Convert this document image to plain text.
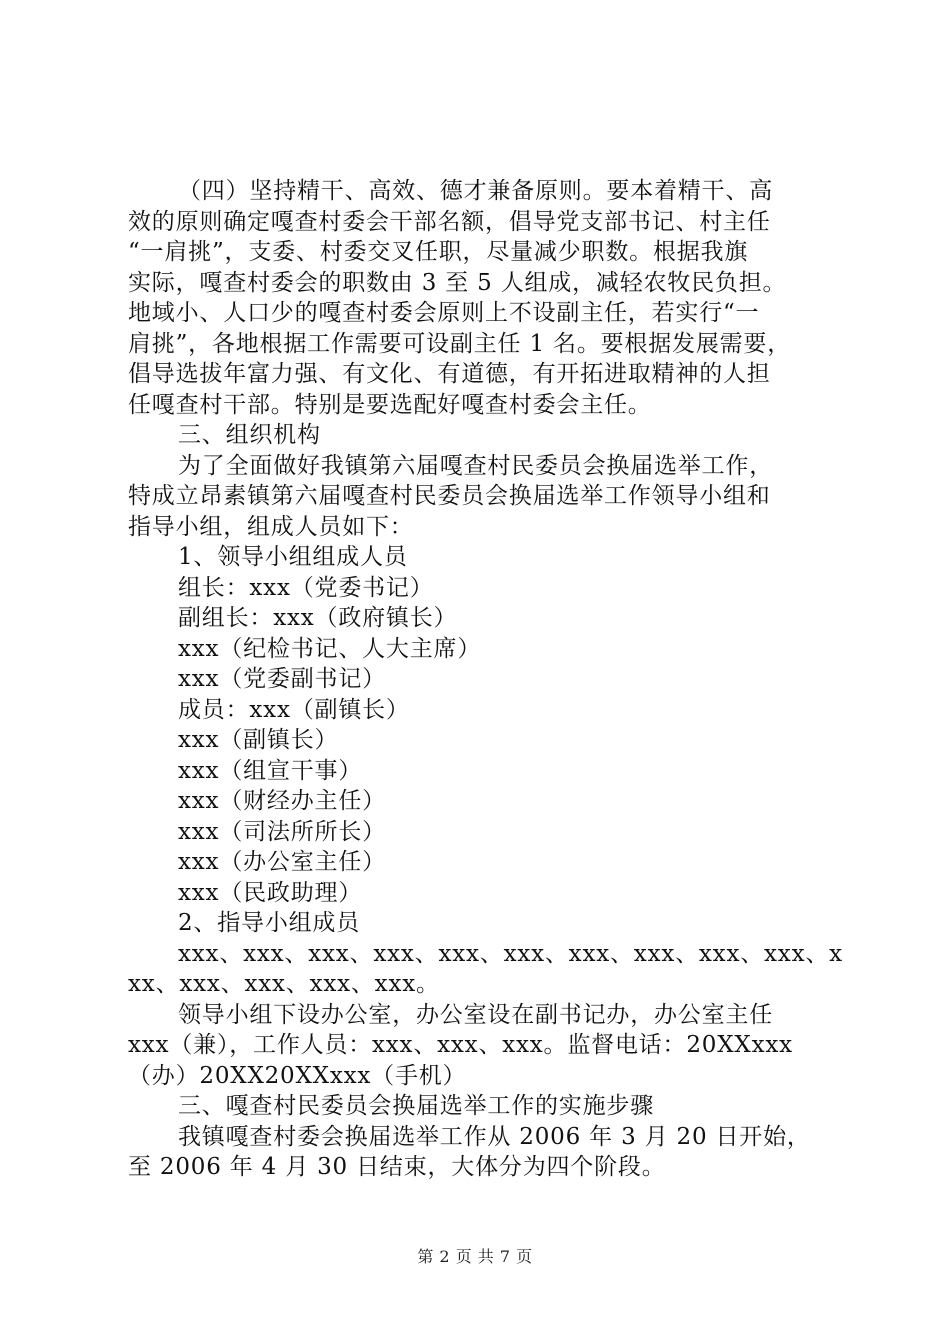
（四）坚持精干、高效、德才兼备原则。要本着精干、高
效的原则确定嘎查村委会干部名额，倡导党支部书记、村主任
“一肩挑”，支委、村委交叉任职，尽量减少职数。根据我旗
实际，嘎查村委会的职数由 3 至 5 人组成，减轻农牧民负担。
地域小、人口少的嘎查村委会原则上不设副主任，若实行“一
肩挑”，各地根据工作需要可设副主任 1 名。要根据发展需要，
倡导选拔年富力强、有文化、有道德，有开拓进取精神的人担
任嘎查村干部。特别是要选配好嘎查村委会主任。
三、组织机构
为了全面做好我镇第六届嘎查村民委员会换届选举工作，
特成立昂素镇第六届嘎查村民委员会换届选举工作领导小组和
指导小组，组成人员如下：
1、领导小组组成人员
组长：xxx（党委书记）
副组长：xxx（政府镇长）
xxx（纪检书记、人大主席）
xxx（党委副书记）
成员：xxx（副镇长）
xxx（副镇长）
xxx（组宣干事）
xxx（财经办主任）
xxx（司法所所长）
xxx（办公室主任）
xxx（民政助理）
2、指导小组成员
xxx、xxx、xxx、xxx、xxx、xxx、xxx、xxx、xxx、xxx、x
xx、xxx、xxx、xxx、xxx。
领导小组下设办公室，办公室设在副书记办，办公室主任
xxx（兼），工作人员：xxx、xxx、xxx。监督电话：20XXxxx
（办）20XX20XXxxx（手机）
三、嘎查村民委员会换届选举工作的实施步骤
我镇嘎查村委会换届选举工作从 2006 年 3 月 20 日开始，
至 2006 年 4 月 30 日结束，大体分为四个阶段。
第 2 页 共 7 页
